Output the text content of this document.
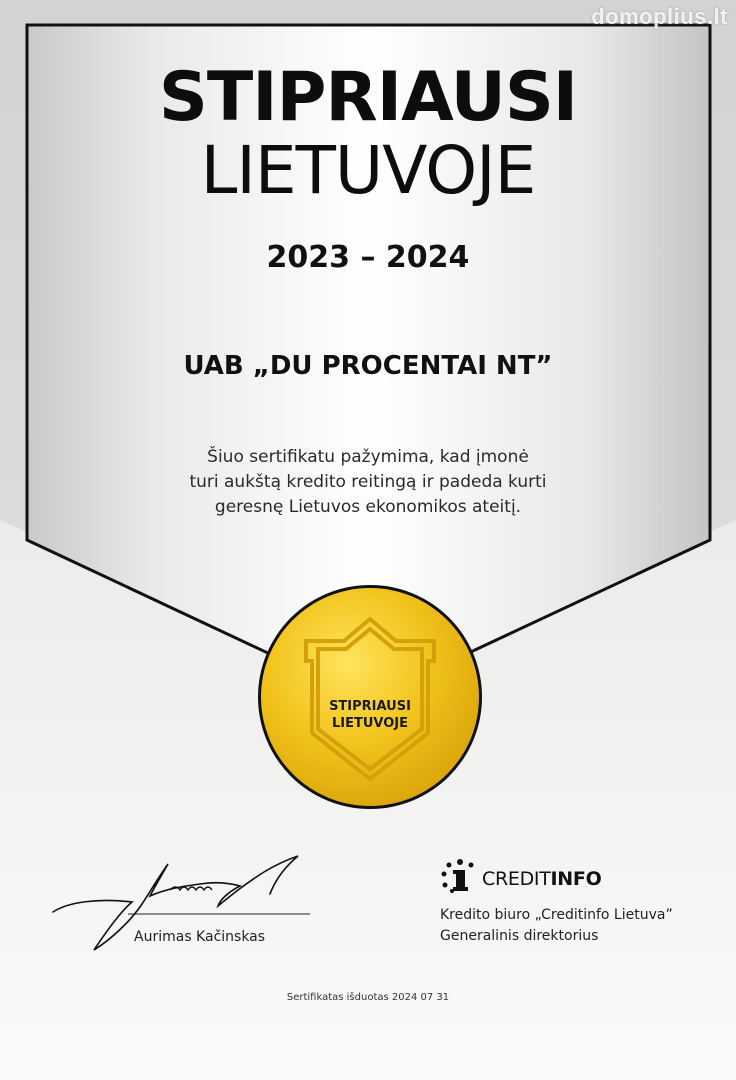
domoplius.lt
STIPRIAUSI
LIETUVOJE
2023 – 2024
UAB „DU PROCENTAI NT”
Šiuo sertifikatu pažymima, kad įmonė
turi aukštą kredito reitingą ir padeda kurti
geresnę Lietuvos ekonomikos ateitį.
STIPRIAUSI
LIETUVOJE
Aurimas Kačinskas
CREDITINFO
Kredito biuro „Creditinfo Lietuva”
Generalinis direktorius
Sertifikatas išduotas 2024 07 31
